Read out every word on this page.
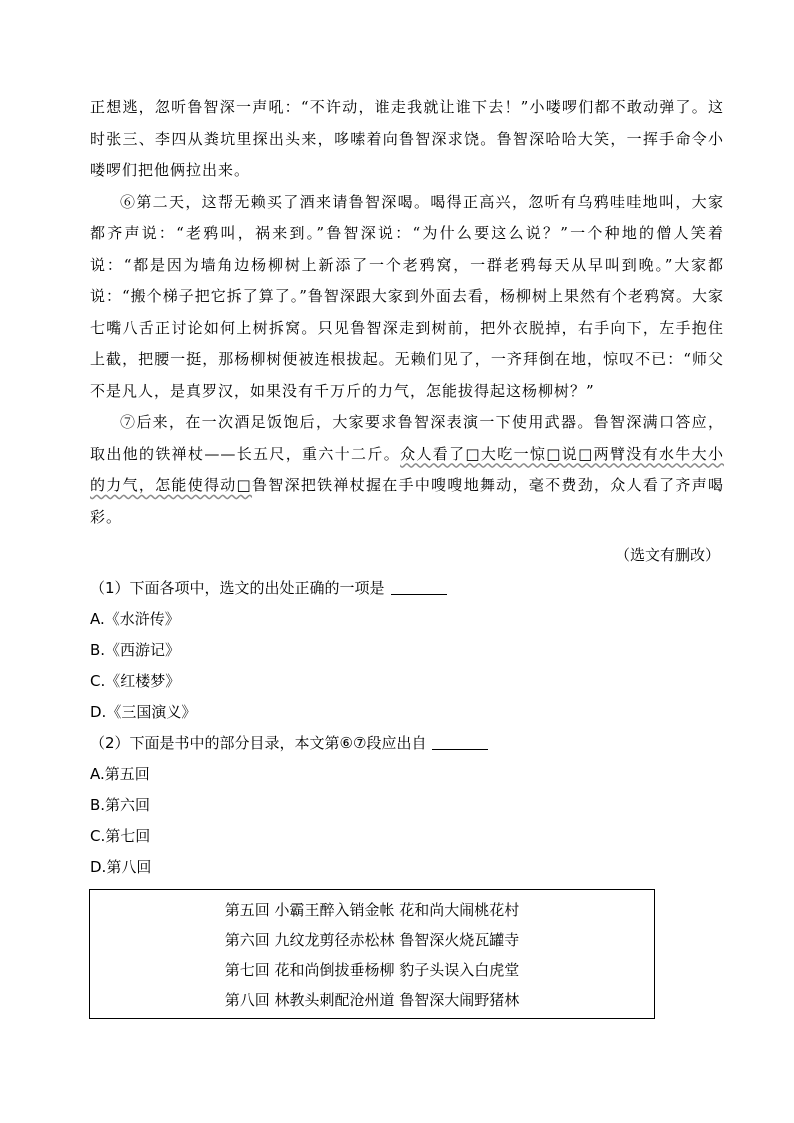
正想逃，忽听鲁智深一声吼：“不许动，谁走我就让谁下去！”小喽啰们都不敢动弹了。这时张三、李四从粪坑里探出头来，哆嗦着向鲁智深求饶。鲁智深哈哈大笑，一挥手命令小喽啰们把他俩拉出来。

⑥第二天，这帮无赖买了酒来请鲁智深喝。喝得正高兴，忽听有乌鸦哇哇地叫，大家都齐声说：“老鸦叫，祸来到。”鲁智深说：“为什么要这么说？”一个种地的僧人笑着说：“都是因为墙角边杨柳树上新添了一个老鸦窝，一群老鸦每天从早叫到晚。”大家都说：“搬个梯子把它拆了算了。”鲁智深跟大家到外面去看，杨柳树上果然有个老鸦窝。大家七嘴八舌正讨论如何上树拆窝。只见鲁智深走到树前，把外衣脱掉，右手向下，左手抱住上截，把腰一挺，那杨柳树便被连根拔起。无赖们见了，一齐拜倒在地，惊叹不已：“师父不是凡人，是真罗汉，如果没有千万斤的力气，怎能拔得起这杨柳树？”

⑦后来，在一次酒足饭饱后，大家要求鲁智深表演一下使用武器。鲁智深满口答应，取出他的铁禅杖——长五尺，重六十二斤。众人看了□大吃一惊□说□两臂没有水牛大小的力气，怎能使得动□鲁智深把铁禅杖握在手中嗖嗖地舞动，毫不费劲，众人看了齐声喝彩。

（选文有删改）
（1）下面各项中，选文的出处正确的一项是
A.《水浒传》
B.《西游记》
C.《红楼梦》
D.《三国演义》
（2）下面是书中的部分目录，本文第⑥⑦段应出自
A.第五回
B.第六回
C.第七回
D.第八回
第五回 小霸王醉入销金帐 花和尚大闹桃花村
第六回 九纹龙剪径赤松林 鲁智深火烧瓦罐寺
第七回 花和尚倒拔垂杨柳 豹子头误入白虎堂
第八回 林教头刺配沧州道 鲁智深大闹野猪林
